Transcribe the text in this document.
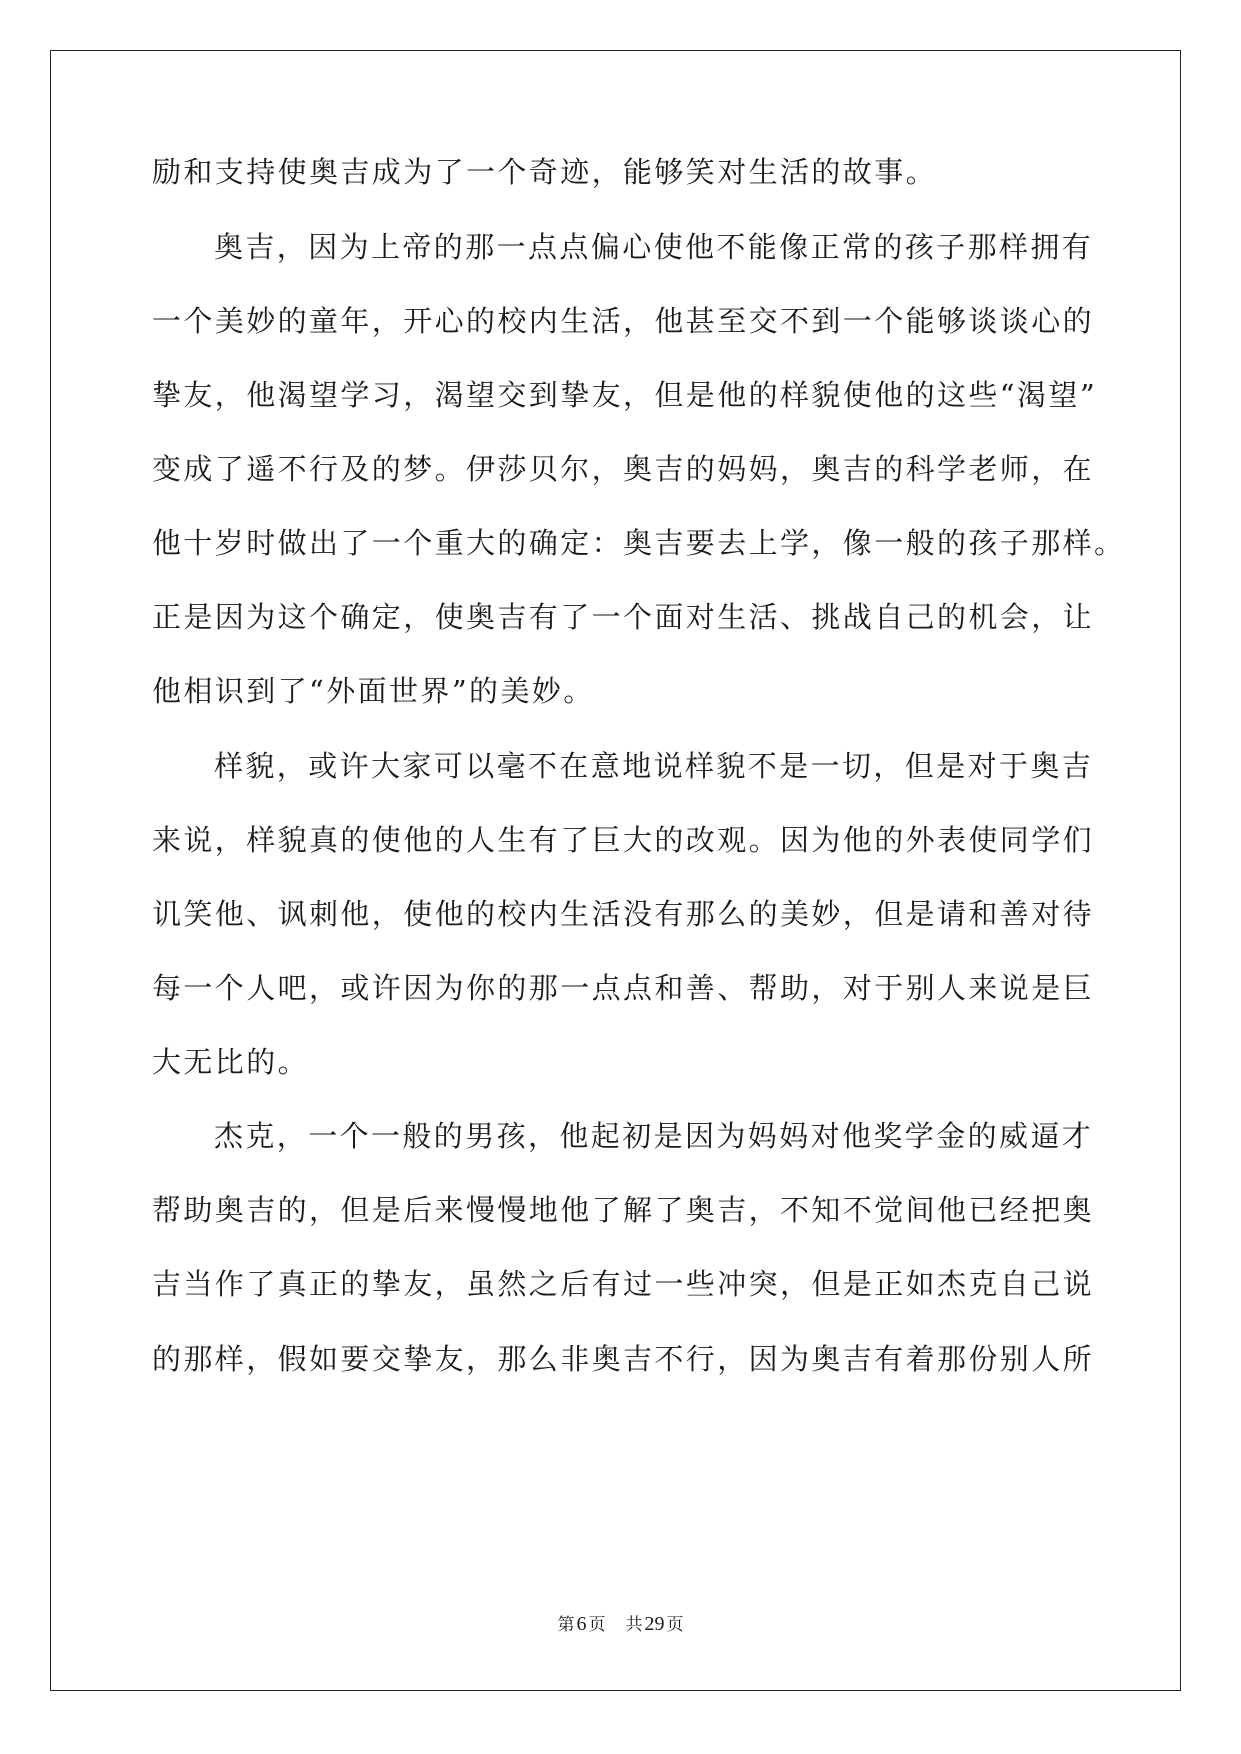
励和支持使奥吉成为了一个奇迹，能够笑对生活的故事。
奥吉，因为上帝的那一点点偏心使他不能像正常的孩子那样拥有
一个美妙的童年，开心的校内生活，他甚至交不到一个能够谈谈心的
挚友，他渴望学习，渴望交到挚友，但是他的样貌使他的这些“渴望”
变成了遥不行及的梦。伊莎贝尔，奥吉的妈妈，奥吉的科学老师，在
他十岁时做出了一个重大的确定：奥吉要去上学，像一般的孩子那样。
正是因为这个确定，使奥吉有了一个面对生活、挑战自己的机会，让
他相识到了“外面世界”的美妙。
样貌，或许大家可以毫不在意地说样貌不是一切，但是对于奥吉
来说，样貌真的使他的人生有了巨大的改观。因为他的外表使同学们
讥笑他、讽刺他，使他的校内生活没有那么的美妙，但是请和善对待
每一个人吧，或许因为你的那一点点和善、帮助，对于别人来说是巨
大无比的。
杰克，一个一般的男孩，他起初是因为妈妈对他奖学金的威逼才
帮助奥吉的，但是后来慢慢地他了解了奥吉，不知不觉间他已经把奥
吉当作了真正的挚友，虽然之后有过一些冲突，但是正如杰克自己说
的那样，假如要交挚友，那么非奥吉不行，因为奥吉有着那份别人所
第 6 页 共 29 页
